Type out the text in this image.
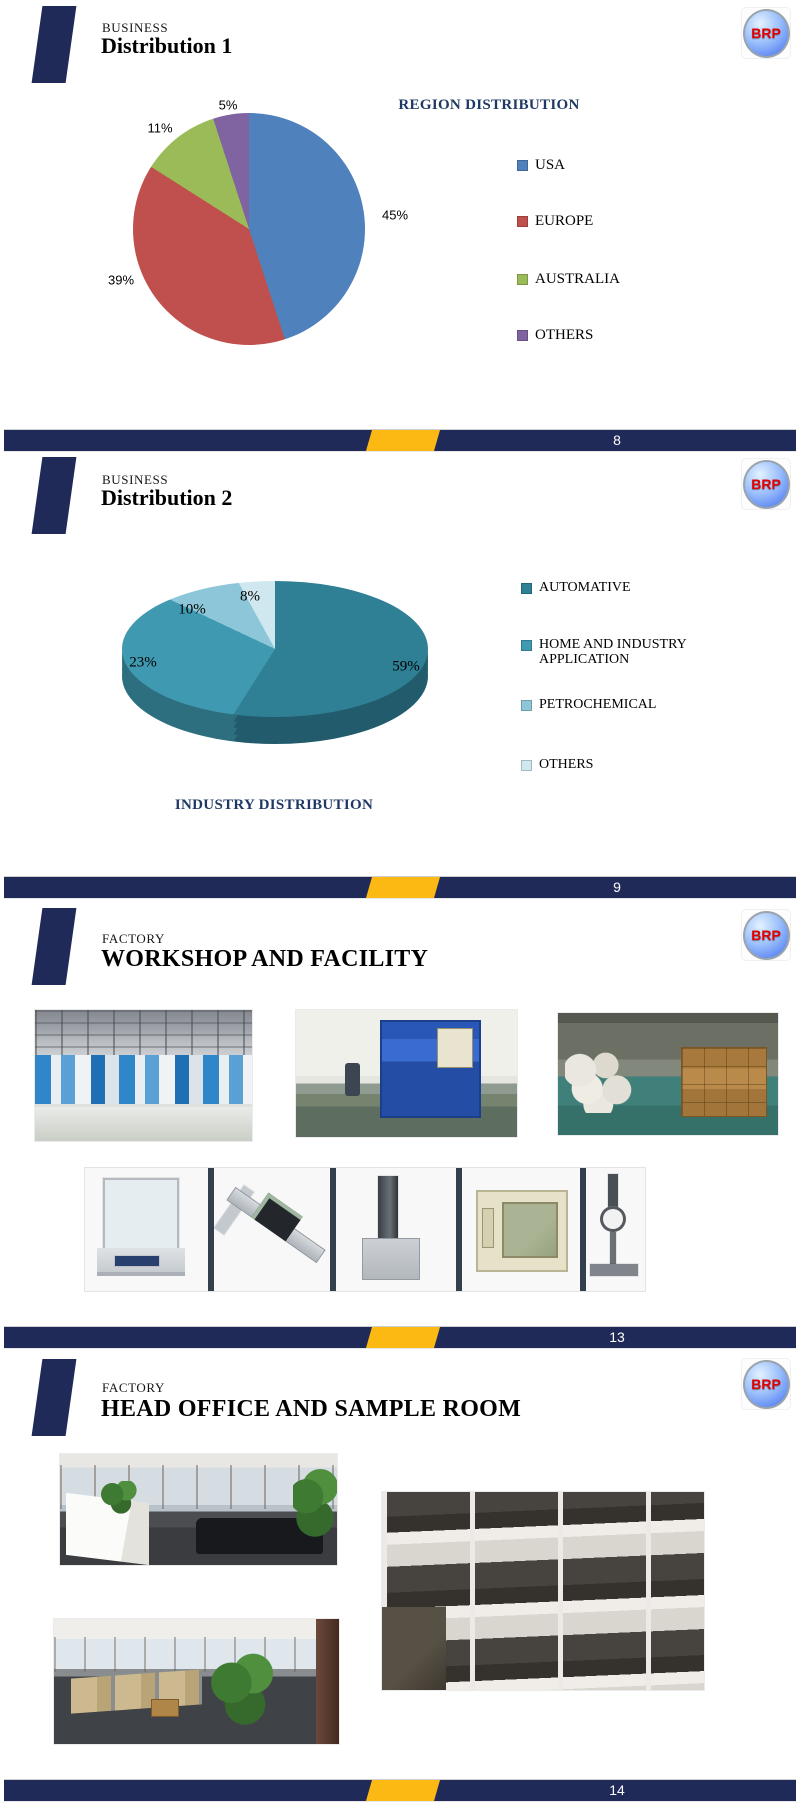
BUSINESS
Distribution 1	BRP
REGION DISTRIBUTION
5%
11%
39%
45%
USA
EUROPE
AUSTRALIA
OTHERS
8
BUSINESS
Distribution 2
BRP
8%
10%
23%	59%
AUTOMATIVE
HOME AND INDUSTRY APPLICATION
PETROCHEMICAL
OTHERS
INDUSTRY DISTRIBUTION
9
FACTORY
WORKSHOP AND FACILITY
BRP
13
FACTORY
HEAD OFFICE AND SAMPLE ROOM
BRP
14
